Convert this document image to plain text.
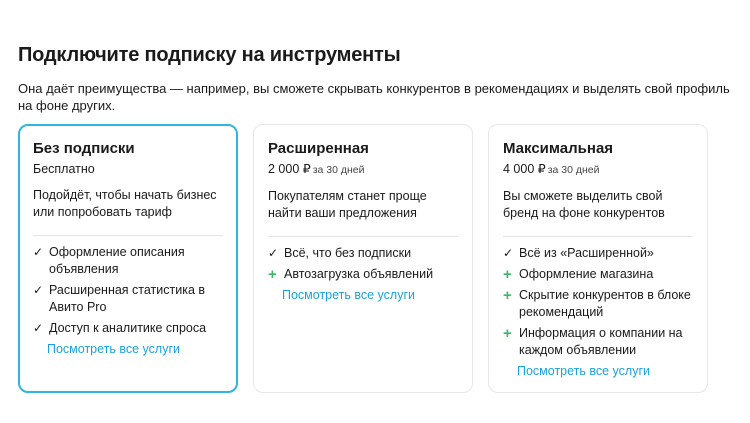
Подключите подписку на инструменты

Она даёт преимущества — например, вы сможете скрывать конкурентов в рекомендациях и выделять свой профиль на фоне других.

Без подписки
Бесплатно
Подойдёт, чтобы начать бизнес или попробовать тариф
✓ Оформление описания объявления
✓ Расширенная статистика в Авито Pro
✓ Доступ к аналитике спроса
Посмотреть все услуги
Расширенная
2 000 ₽ за 30 дней
Покупателям станет проще найти ваши предложения
✓ Всё, что без подписки
+ Автозагрузка объявлений
Посмотреть все услуги
Максимальная
4 000 ₽ за 30 дней
Вы сможете выделить свой бренд на фоне конкурентов
✓ Всё из «Расширенной»
+ Оформление магазина
+ Скрытие конкурентов в блоке рекомендаций
+ Информация о компании на каждом объявлении
Посмотреть все услуги
